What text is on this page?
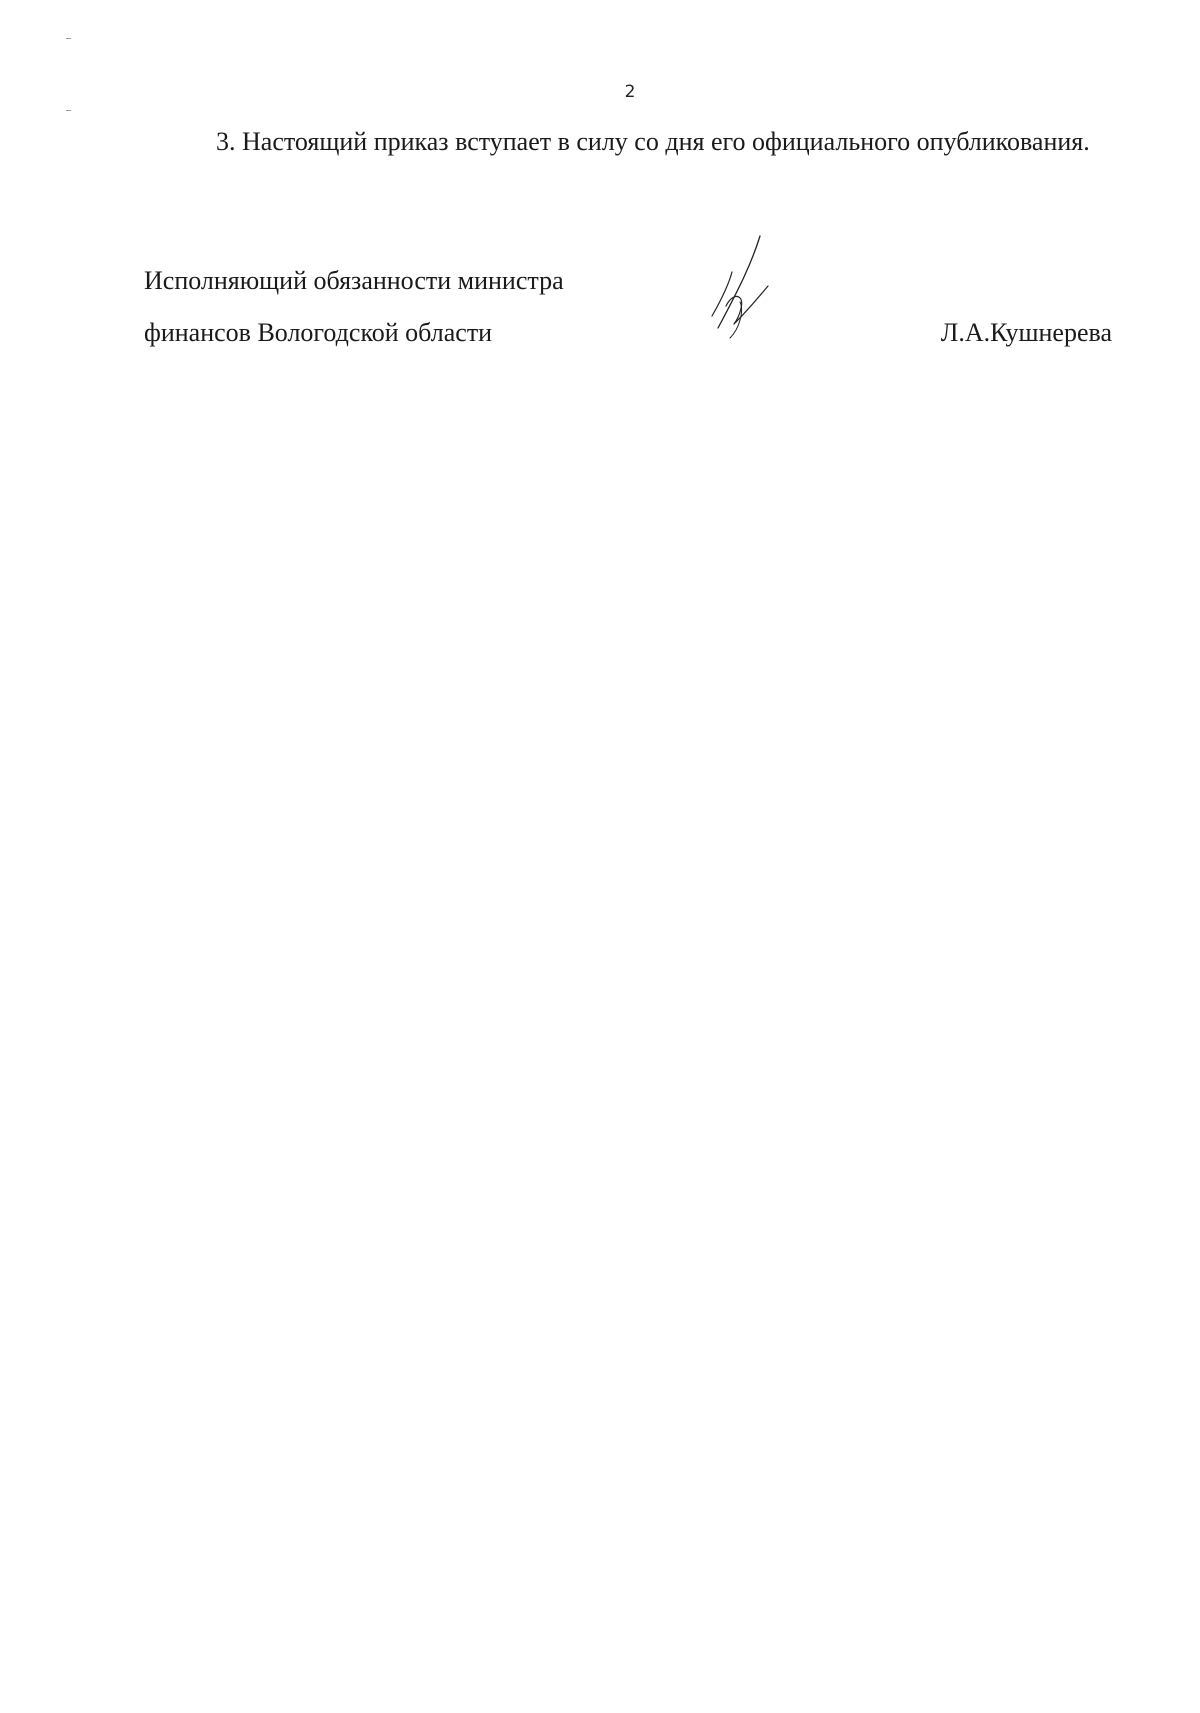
2

3. Настоящий приказ вступает в силу со дня его официального опубликования.

Исполняющий обязанности министра
финансов Вологодской области	Л.А.Кушнерева
